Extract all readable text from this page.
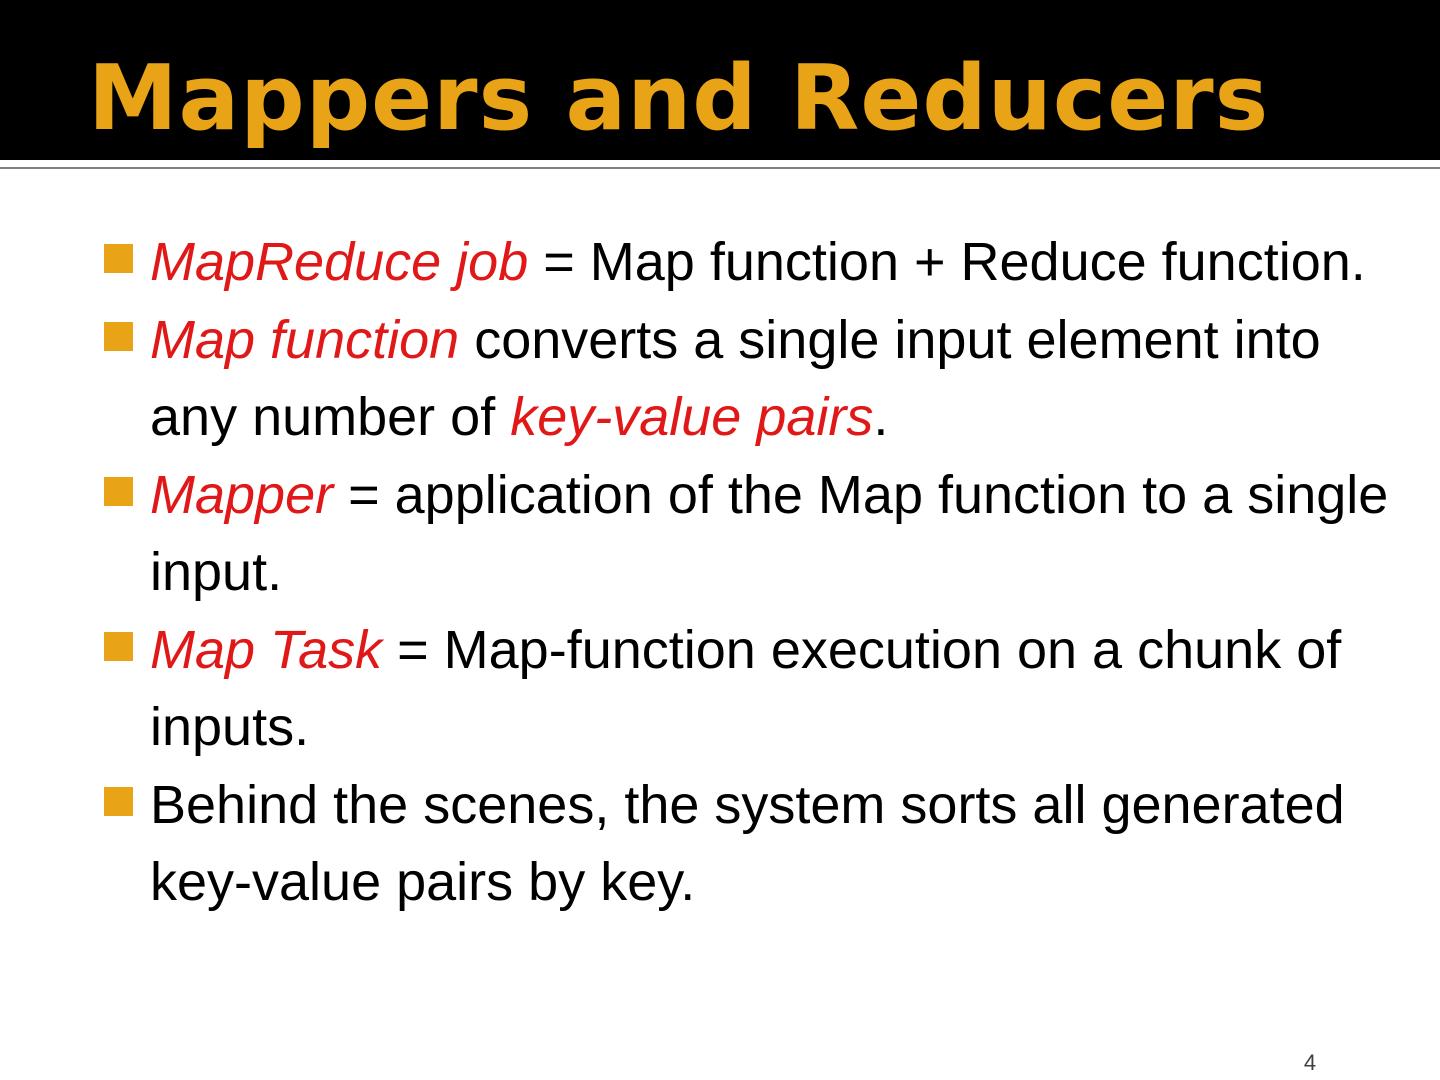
Mappers and Reducers
MapReduce job = Map function + Reduce function.
Map function converts a single input element into any number of key-value pairs.
Mapper = application of the Map function to a single input.
Map Task = Map-function execution on a chunk of inputs.
Behind the scenes, the system sorts all generated key-value pairs by key.
4
